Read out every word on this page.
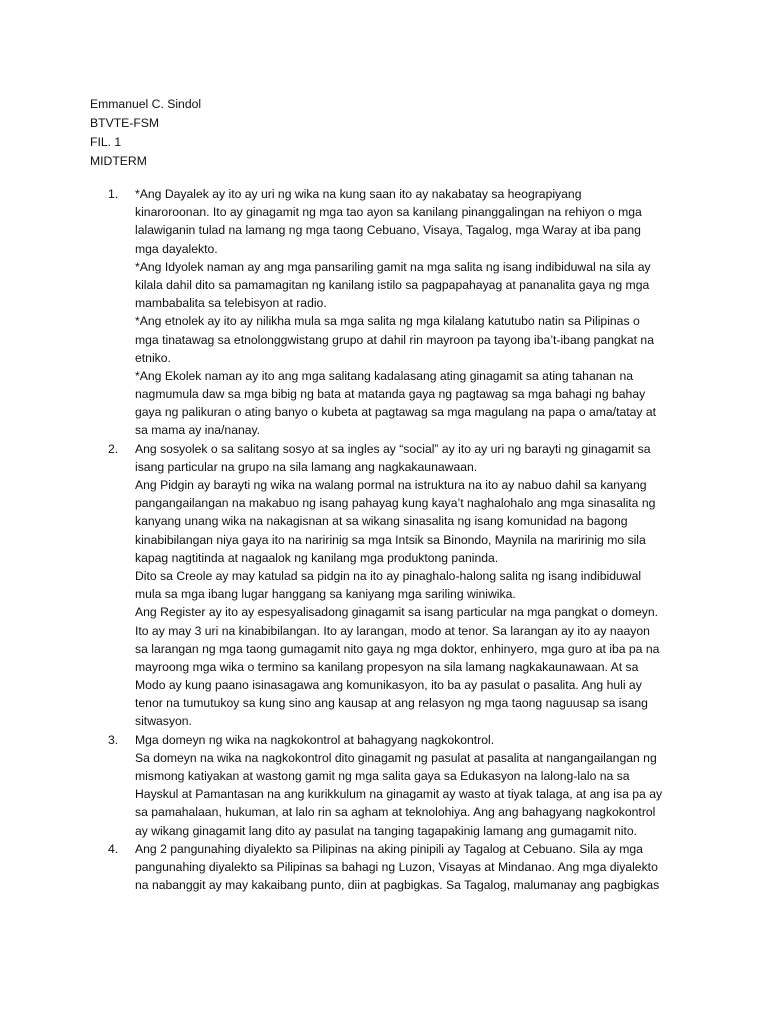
Emmanuel C. Sindol
BTVTE-FSM
FIL. 1
MIDTERM
1. *Ang Dayalek ay ito ay uri ng wika na kung saan ito ay nakabatay sa heograpiyang
kinaroroonan. Ito ay ginagamit ng mga tao ayon sa kanilang pinanggalingan na rehiyon o mga
lalawiganin tulad na lamang ng mga taong Cebuano, Visaya, Tagalog, mga Waray at iba pang
mga dayalekto.
*Ang Idyolek naman ay ang mga pansariling gamit na mga salita ng isang indibiduwal na sila ay
kilala dahil dito sa pamamagitan ng kanilang istilo sa pagpapahayag at pananalita gaya ng mga
mambabalita sa telebisyon at radio.
*Ang etnolek ay ito ay nilikha mula sa mga salita ng mga kilalang katutubo natin sa Pilipinas o
mga tinatawag sa etnolonggwistang grupo at dahil rin mayroon pa tayong iba’t-ibang pangkat na
etniko.
*Ang Ekolek naman ay ito ang mga salitang kadalasang ating ginagamit sa ating tahanan na
nagmumula daw sa mga bibig ng bata at matanda gaya ng pagtawag sa mga bahagi ng bahay
gaya ng palikuran o ating banyo o kubeta at pagtawag sa mga magulang na papa o ama/tatay at
sa mama ay ina/nanay.
2. Ang sosyolek o sa salitang sosyo at sa ingles ay “social” ay ito ay uri ng barayti ng ginagamit sa
isang particular na grupo na sila lamang ang nagkakaunawaan.
Ang Pidgin ay barayti ng wika na walang pormal na istruktura na ito ay nabuo dahil sa kanyang
pangangailangan na makabuo ng isang pahayag kung kaya’t naghalohalo ang mga sinasalita ng
kanyang unang wika na nakagisnan at sa wikang sinasalita ng isang komunidad na bagong
kinabibilangan niya gaya ito na naririnig sa mga Intsik sa Binondo, Maynila na maririnig mo sila
kapag nagtitinda at nagaalok ng kanilang mga produktong paninda.
Dito sa Creole ay may katulad sa pidgin na ito ay pinaghalo-halong salita ng isang indibiduwal
mula sa mga ibang lugar hanggang sa kaniyang mga sariling winiwika.
Ang Register ay ito ay espesyalisadong ginagamit sa isang particular na mga pangkat o domeyn.
Ito ay may 3 uri na kinabibilangan. Ito ay larangan, modo at tenor. Sa larangan ay ito ay naayon
sa larangan ng mga taong gumagamit nito gaya ng mga doktor, enhinyero, mga guro at iba pa na
mayroong mga wika o termino sa kanilang propesyon na sila lamang nagkakaunawaan. At sa
Modo ay kung paano isinasagawa ang komunikasyon, ito ba ay pasulat o pasalita. Ang huli ay
tenor na tumutukoy sa kung sino ang kausap at ang relasyon ng mga taong naguusap sa isang
sitwasyon.
3. Mga domeyn ng wika na nagkokontrol at bahagyang nagkokontrol.
Sa domeyn na wika na nagkokontrol dito ginagamit ng pasulat at pasalita at nangangailangan ng
mismong katiyakan at wastong gamit ng mga salita gaya sa Edukasyon na lalong-lalo na sa
Hayskul at Pamantasan na ang kurikkulum na ginagamit ay wasto at tiyak talaga, at ang isa pa ay
sa pamahalaan, hukuman, at lalo rin sa agham at teknolohiya. Ang ang bahagyang nagkokontrol
ay wikang ginagamit lang dito ay pasulat na tanging tagapakinig lamang ang gumagamit nito.
4. Ang 2 pangunahing diyalekto sa Pilipinas na aking pinipili ay Tagalog at Cebuano. Sila ay mga
pangunahing diyalekto sa Pilipinas sa bahagi ng Luzon, Visayas at Mindanao. Ang mga diyalekto
na nabanggit ay may kakaibang punto, diin at pagbigkas. Sa Tagalog, malumanay ang pagbigkas
